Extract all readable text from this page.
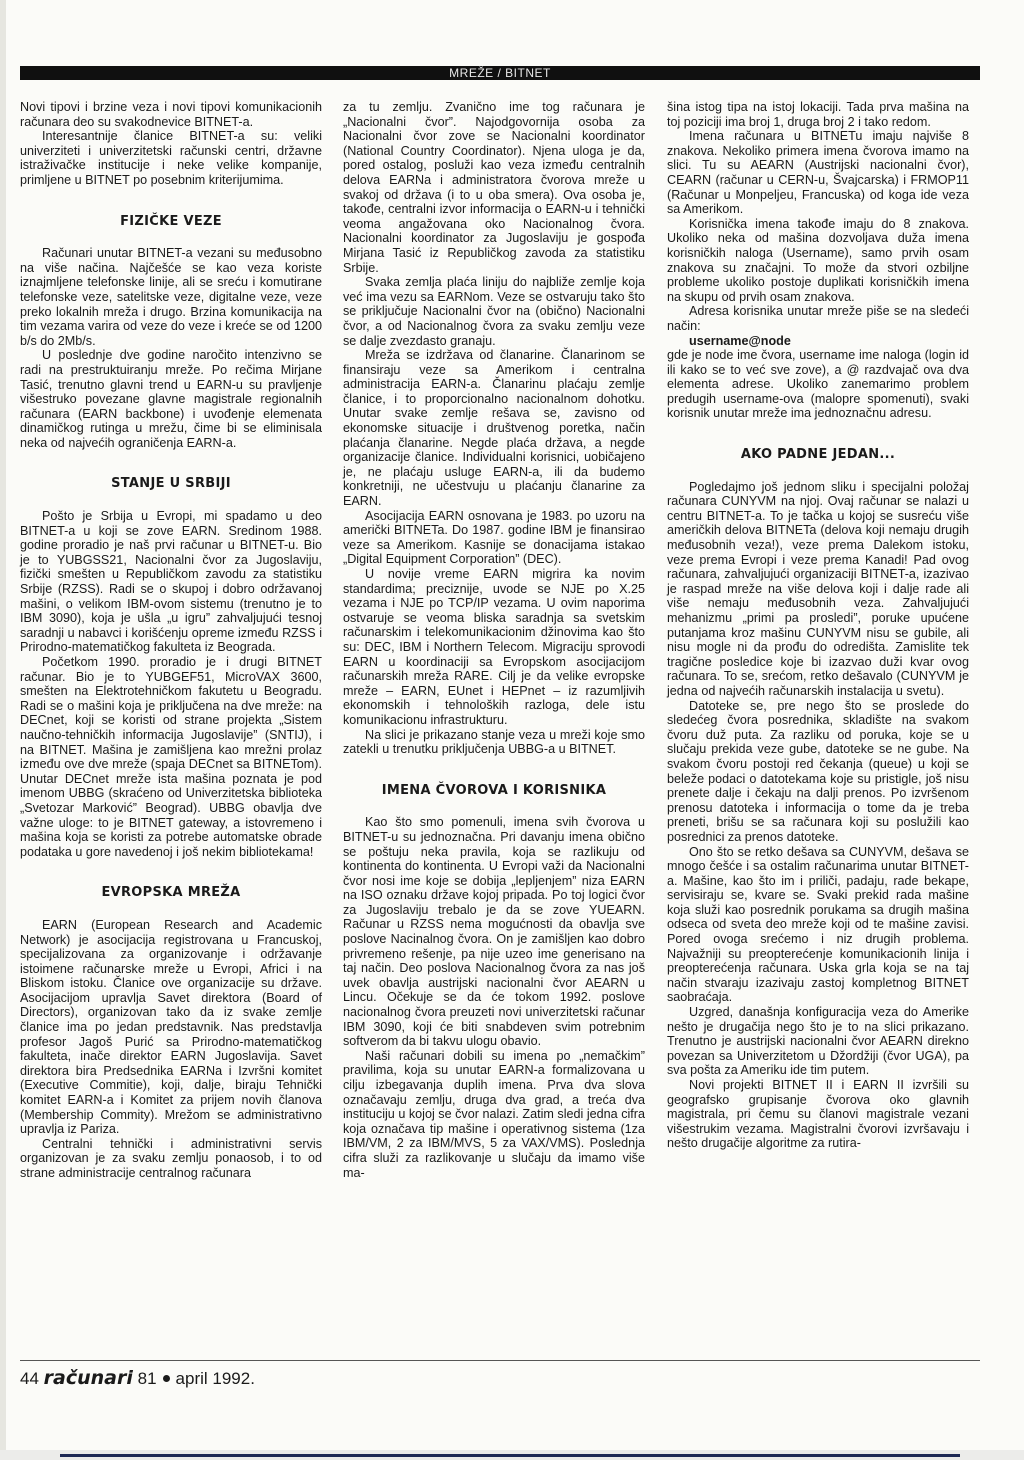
MREŽE / BITNET

Novi tipovi i brzine veza i novi tipovi komunikacionih računara deo su svakodnevice BITNET-a.

Interesantnije članice BITNET-a su: veliki univerziteti i univerzitetski računski centri, državne istraživačke institucije i neke velike kompanije, primljene u BITNET po posebnim kriterijumima.

FIZIČKE VEZE

Računari unutar BITNET-a vezani su međusobno na više načina. Najčešće se kao veza koriste iznajmljene telefonske linije, ali se sreću i komutirane telefonske veze, satelitske veze, digitalne veze, veze preko lokalnih mreža i drugo. Brzina komunikacija na tim vezama varira od veze do veze i kreće se od 1200 b/s do 2Mb/s.

U poslednje dve godine naročito intenzivno se radi na prestruktuiranju mreže. Po rečima Mirjane Tasić, trenutno glavni trend u EARN-u su pravljenje višestruko povezane glavne magistrale regionalnih računara (EARN backbone) i uvođenje elemenata dinamičkog rutinga u mrežu, čime bi se eliminisala neka od najvećih ograničenja EARN-a.

STANJE U SRBIJI

Pošto je Srbija u Evropi, mi spadamo u deo BITNET-a u koji se zove EARN. Sredinom 1988. godine proradio je naš prvi računar u BITNET-u. Bio je to YUBGSS21, Nacionalni čvor za Jugoslaviju, fizički smešten u Republičkom zavodu za statistiku Srbije (RZSS). Radi se o skupoj i dobro održavanoj mašini, o velikom IBM-ovom sistemu (trenutno je to IBM 3090), koja je ušla „u igru” zahvaljujući tesnoj saradnji u nabavci i korišćenju opreme između RZSS i Prirodno-matematičkog fakulteta iz Beograda.

Početkom 1990. proradio je i drugi BITNET računar. Bio je to YUBGEF51, MicroVAX 3600, smešten na Elektrotehničkom fakutetu u Beogradu. Radi se o mašini koja je priključena na dve mreže: na DECnet, koji se koristi od strane projekta „Sistem naučno-tehničkih informacija Jugoslavije” (SNTIJ), i na BITNET. Mašina je zamišljena kao mrežni prolaz između ove dve mreže (spaja DECnet sa BITNETom). Unutar DECnet mreže ista mašina poznata je pod imenom UBBG (skraćeno od Univerzitetska biblioteka „Svetozar Marković” Beograd). UBBG obavlja dve važne uloge: to je BITNET gateway, a istovremeno i mašina koja se koristi za potrebe automatske obrade podataka u gore navedenoj i još nekim bibliotekama!

EVROPSKA MREŽA

EARN (European Research and Academic Network) je asocijacija registrovana u Francuskoj, specijalizovana za organizovanje i održavanje istoimene računarske mreže u Evropi, Africi i na Bliskom istoku. Članice ove organizacije su države. Asocijacijom upravlja Savet direktora (Board of Directors), organizovan tako da iz svake zemlje članice ima po jedan predstavnik. Nas predstavlja profesor Jagoš Purić sa Prirodno-matematičkog fakulteta, inače direktor EARN Jugoslavija. Savet direktora bira Predsednika EARNa i Izvršni komitet (Executive Commitie), koji, dalje, biraju Tehnički komitet EARN-a i Komitet za prijem novih članova (Membership Commity). Mrežom se administrativno upravlja iz Pariza.

Centralni tehnički i administrativni servis organizovan je za svaku zemlju ponaosob, i to od strane administracije centralnog računara

za tu zemlju. Zvanično ime tog računara je „Nacionalni čvor”. Najodgovornija osoba za Nacionalni čvor zove se Nacionalni koordinator (National Country Coordinator). Njena uloga je da, pored ostalog, posluži kao veza između centralnih delova EARNa i administratora čvorova mreže u svakoj od država (i to u oba smera). Ova osoba je, takođe, centralni izvor informacija o EARN-u i tehnički veoma angažovana oko Nacionalnog čvora. Nacionalni koordinator za Jugoslaviju je gospođa Mirjana Tasić iz Republičkog zavoda za statistiku Srbije.

Svaka zemlja plaća liniju do najbliže zemlje koja već ima vezu sa EARNom. Veze se ostvaruju tako što se priključuje Nacionalni čvor na (obično) Nacionalni čvor, a od Nacionalnog čvora za svaku zemlju veze se dalje zvezdasto granaju.

Mreža se izdržava od članarine. Članarinom se finansiraju veze sa Amerikom i centralna administracija EARN-a. Članarinu plaćaju zemlje članice, i to proporcionalno nacionalnom dohotku. Unutar svake zemlje rešava se, zavisno od ekonomske situacije i društvenog poretka, način plaćanja članarine. Negde plaća država, a negde organizacije članice. Individualni korisnici, uobičajeno je, ne plaćaju usluge EARN-a, ili da budemo konkretniji, ne učestvuju u plaćanju članarine za EARN.

Asocijacija EARN osnovana je 1983. po uzoru na američki BITNETa. Do 1987. godine IBM je finansirao veze sa Amerikom. Kasnije se donacijama istakao „Digital Equipment Corporation” (DEC).

U novije vreme EARN migrira ka novim standardima; preciznije, uvode se NJE po X.25 vezama i NJE po TCP/IP vezama. U ovim naporima ostvaruje se veoma bliska saradnja sa svetskim računarskim i telekomunikacionim džinovima kao što su: DEC, IBM i Northern Telecom. Migraciju sprovodi EARN u koordinaciji sa Evropskom asocijacijom računarskih mreža RARE. Cilj je da velike evropske mreže – EARN, EUnet i HEPnet – iz razumljivih ekonomskih i tehnoloških razloga, dele istu komunikacionu infrastrukturu.

Na slici je prikazano stanje veza u mreži koje smo zatekli u trenutku priključenja UBBG-a u BITNET.

IMENA ČVOROVA I KORISNIKA

Kao što smo pomenuli, imena svih čvorova u BITNET-u su jednoznačna. Pri davanju imena obično se poštuju neka pravila, koja se razlikuju od kontinenta do kontinenta. U Evropi važi da Nacionalni čvor nosi ime koje se dobija „lepljenjem” niza EARN na ISO oznaku države kojoj pripada. Po toj logici čvor za Jugoslaviju trebalo je da se zove YUEARN. Računar u RZSS nema mogućnosti da obavlja sve poslove Nacinalnog čvora. On je zamišljen kao dobro privremeno rešenje, pa nije uzeo ime generisano na taj način. Deo poslova Nacionalnog čvora za nas još uvek obavlja austrijski nacionalni čvor AEARN u Lincu. Očekuje se da će tokom 1992. poslove nacionalnog čvora preuzeti novi univerzitetski računar IBM 3090, koji će biti snabdeven svim potrebnim softverom da bi takvu ulogu obavio.

Naši računari dobili su imena po „nemačkim” pravilima, koja su unutar EARN-a formalizovana u cilju izbegavanja duplih imena. Prva dva slova označavaju zemlju, druga dva grad, a treća dva instituciju u kojoj se čvor nalazi. Zatim sledi jedna cifra koja označava tip mašine i operativnog sistema (1za IBM/VM, 2 za IBM/MVS, 5 za VAX/VMS). Poslednja cifra služi za razlikovanje u slučaju da imamo više ma-

šina istog tipa na istoj lokaciji. Tada prva mašina na toj poziciji ima broj 1, druga broj 2 i tako redom.

Imena računara u BITNETu imaju najviše 8 znakova. Nekoliko primera imena čvorova imamo na slici. Tu su AEARN (Austrijski nacionalni čvor), CEARN (računar u CERN-u, Švajcarska) i FRMOP11 (Računar u Monpeljeu, Francuska) od koga ide veza sa Amerikom.

Korisnička imena takođe imaju do 8 znakova. Ukoliko neka od mašina dozvoljava duža imena korisničkih naloga (Username), samo prvih osam znakova su značajni. To može da stvori ozbiljne probleme ukoliko postoje duplikati korisničkih imena na skupu od prvih osam znakova.

Adresa korisnika unutar mreže piše se na sledeći način:

username@node

gde je node ime čvora, username ime naloga (login id ili kako se to već sve zove), a @ razdvajač ova dva elementa adrese. Ukoliko zanemarimo problem predugih username-ova (malopre spomenuti), svaki korisnik unutar mreže ima jednoznačnu adresu.

AKO PADNE JEDAN...

Pogledajmo još jednom sliku i specijalni položaj računara CUNYVM na njoj. Ovaj računar se nalazi u centru BITNET-a. To je tačka u kojoj se susreću više američkih delova BITNETa (delova koji nemaju drugih međusobnih veza!), veze prema Dalekom istoku, veze prema Evropi i veze prema Kanadi! Pad ovog računara, zahvaljujući organizaciji BITNET-a, izazivao je raspad mreže na više delova koji i dalje rade ali više nemaju međusobnih veza. Zahvaljujući mehanizmu „primi pa prosledi”, poruke upućene putanjama kroz mašinu CUNYVM nisu se gubile, ali nisu mogle ni da prođu do odredišta. Zamislite tek tragične posledice koje bi izazvao duži kvar ovog računara. To se, srećom, retko dešavalo (CUNYVM je jedna od najvećih računarskih instalacija u svetu).

Datoteke se, pre nego što se proslede do sledećeg čvora posrednika, skladište na svakom čvoru duž puta. Za razliku od poruka, koje se u slučaju prekida veze gube, datoteke se ne gube. Na svakom čvoru postoji red čekanja (queue) u koji se beleže podaci o datotekama koje su pristigle, još nisu prenete dalje i čekaju na dalji prenos. Po izvršenom prenosu datoteka i informacija o tome da je treba preneti, brišu se sa računara koji su poslužili kao posrednici za prenos datoteke.

Ono što se retko dešava sa CUNYVM, dešava se mnogo češće i sa ostalim računarima unutar BITNET-a. Mašine, kao što im i priliči, padaju, rade bekape, servisiraju se, kvare se. Svaki prekid rada mašine koja služi kao posrednik porukama sa drugih mašina odseca od sveta deo mreže koji od te mašine zavisi. Pored ovoga srećemo i niz drugih problema. Najvažniji su preopterećenje komunikacionih linija i preopterećenja računara. Uska grla koja se na taj način stvaraju izazivaju zastoj kompletnog BITNET saobraćaja.

Uzgred, današnja konfiguracija veza do Amerike nešto je drugačija nego što je to na slici prikazano. Trenutno je austrijski nacionalni čvor AEARN direkno povezan sa Univerzitetom u Džordžiji (čvor UGA), pa sva pošta za Ameriku ide tim putem.

Novi projekti BITNET II i EARN II izvršili su geografsko grupisanje čvorova oko glavnih magistrala, pri čemu su članovi magistrale vezani višestrukim vezama. Magistralni čvorovi izvršavaju i nešto drugačije algoritme za rutira-

44 računari 81 april 1992.
